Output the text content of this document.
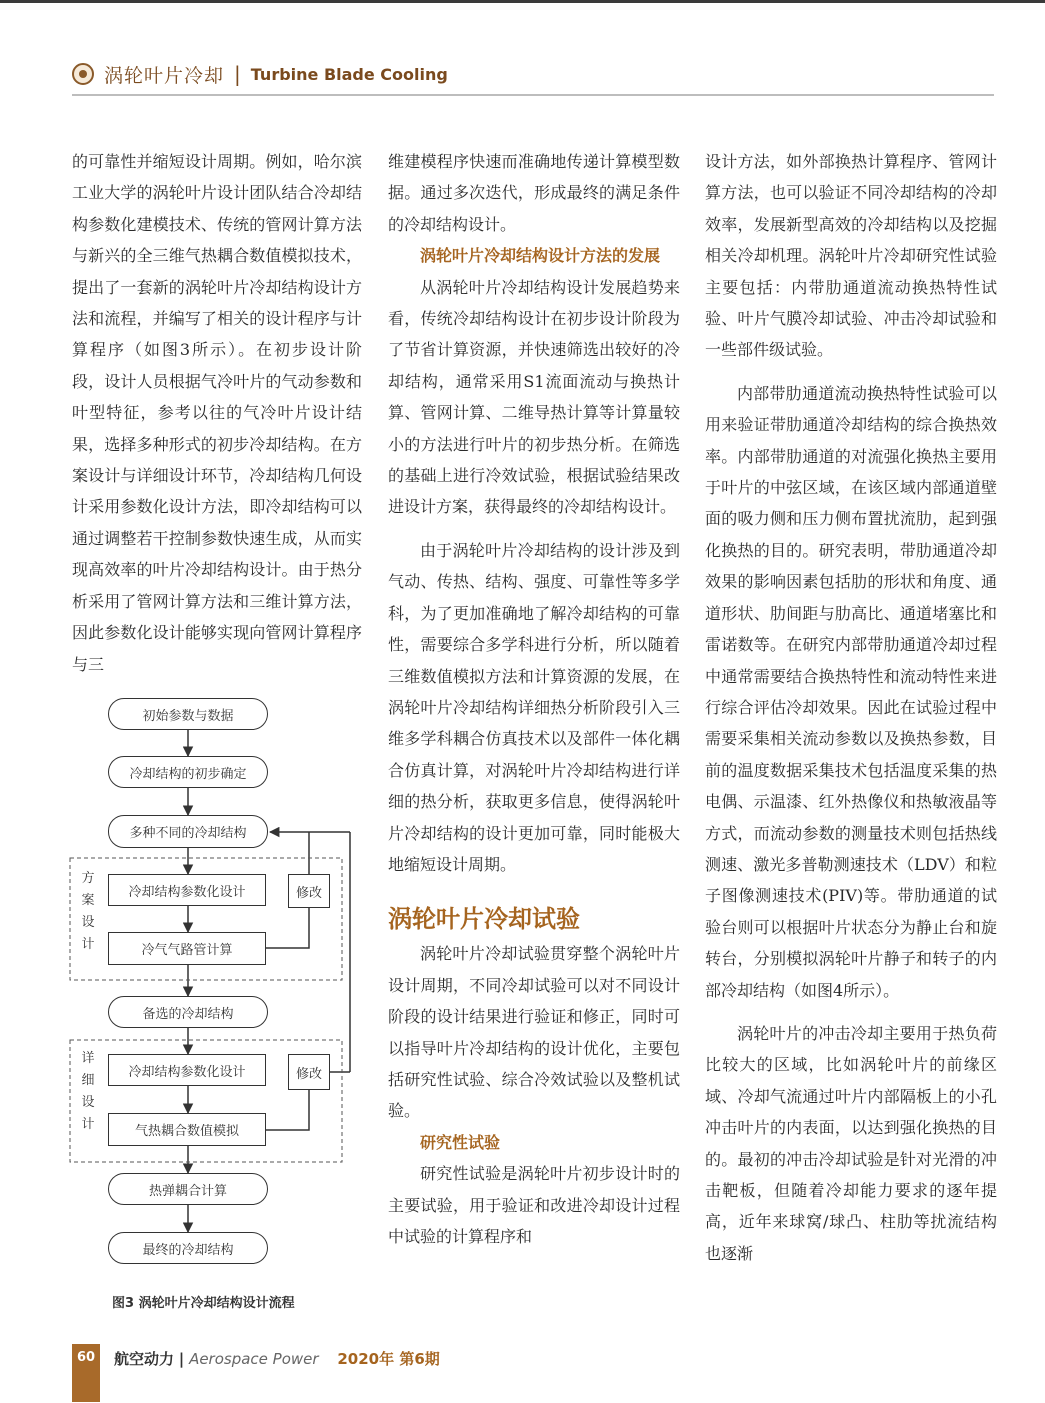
涡轮叶片冷却 | Turbine Blade Cooling

的可靠性并缩短设计周期。例如，哈尔滨工业大学的涡轮叶片设计团队结合冷却结构参数化建模技术、传统的管网计算方法与新兴的全三维气热耦合数值模拟技术，提出了一套新的涡轮叶片冷却结构设计方法和流程，并编写了相关的设计程序与计算程序（如图3所示）。在初步设计阶段，设计人员根据气冷叶片的气动参数和叶型特征，参考以往的气冷叶片设计结果，选择多种形式的初步冷却结构。在方案设计与详细设计环节，冷却结构几何设计采用参数化设计方法，即冷却结构可以通过调整若干控制参数快速生成，从而实现高效率的叶片冷却结构设计。由于热分析采用了管网计算方法和三维计算方法，因此参数化设计能够实现向管网计算程序与三

初始参数与数据
冷却结构的初步确定
多种不同的冷却结构
冷却结构参数化设计	修改
冷气气路管计算
备选的冷却结构
冷却结构参数化设计	修改
气热耦合数值模拟
热弹耦合计算
最终的冷却结构
方
案
设
计
详
细
设
计
图3 涡轮叶片冷却结构设计流程

维建模程序快速而准确地传递计算模型数据。通过多次迭代，形成最终的满足条件的冷却结构设计。

涡轮叶片冷却结构设计方法的发展

从涡轮叶片冷却结构设计发展趋势来看，传统冷却结构设计在初步设计阶段为了节省计算资源，并快速筛选出较好的冷却结构，通常采用S1流面流动与换热计算、管网计算、二维导热计算等计算量较小的方法进行叶片的初步热分析。在筛选的基础上进行冷效试验，根据试验结果改进设计方案，获得最终的冷却结构设计。

由于涡轮叶片冷却结构的设计涉及到气动、传热、结构、强度、可靠性等多学科，为了更加准确地了解冷却结构的可靠性，需要综合多学科进行分析，所以随着三维数值模拟方法和计算资源的发展，在涡轮叶片冷却结构详细热分析阶段引入三维多学科耦合仿真技术以及部件一体化耦合仿真计算，对涡轮叶片冷却结构进行详细的热分析，获取更多信息，使得涡轮叶片冷却结构的设计更加可靠，同时能极大地缩短设计周期。

涡轮叶片冷却试验

涡轮叶片冷却试验贯穿整个涡轮叶片设计周期，不同冷却试验可以对不同设计阶段的设计结果进行验证和修正，同时可以指导叶片冷却结构的设计优化，主要包括研究性试验、综合冷效试验以及整机试验。

研究性试验

研究性试验是涡轮叶片初步设计时的主要试验，用于验证和改进冷却设计过程中试验的计算程序和

设计方法，如外部换热计算程序、管网计算方法，也可以验证不同冷却结构的冷却效率，发展新型高效的冷却结构以及挖掘相关冷却机理。涡轮叶片冷却研究性试验主要包括：内带肋通道流动换热特性试验、叶片气膜冷却试验、冲击冷却试验和一些部件级试验。

内部带肋通道流动换热特性试验可以用来验证带肋通道冷却结构的综合换热效率。内部带肋通道的对流强化换热主要用于叶片的中弦区域，在该区域内部通道壁面的吸力侧和压力侧布置扰流肋，起到强化换热的目的。研究表明，带肋通道冷却效果的影响因素包括肋的形状和角度、通道形状、肋间距与肋高比、通道堵塞比和雷诺数等。在研究内部带肋通道冷却过程中通常需要结合换热特性和流动特性来进行综合评估冷却效果。因此在试验过程中需要采集相关流动参数以及换热参数，目前的温度数据采集技术包括温度采集的热电偶、示温漆、红外热像仪和热敏液晶等方式，而流动参数的测量技术则包括热线测速、激光多普勒测速技术（LDV）和粒子图像测速技术(PIV)等。带肋通道的试验台则可以根据叶片状态分为静止台和旋转台，分别模拟涡轮叶片静子和转子的内部冷却结构（如图4所示）。

涡轮叶片的冲击冷却主要用于热负荷比较大的区域，比如涡轮叶片的前缘区域、冷却气流通过叶片内部隔板上的小孔冲击叶片的内表面，以达到强化换热的目的。最初的冲击冷却试验是针对光滑的冲击靶板，但随着冷却能力要求的逐年提高，近年来球窝/球凸、柱肋等扰流结构也逐渐

60	航空动力 | Aerospace Power 2020年 第6期
